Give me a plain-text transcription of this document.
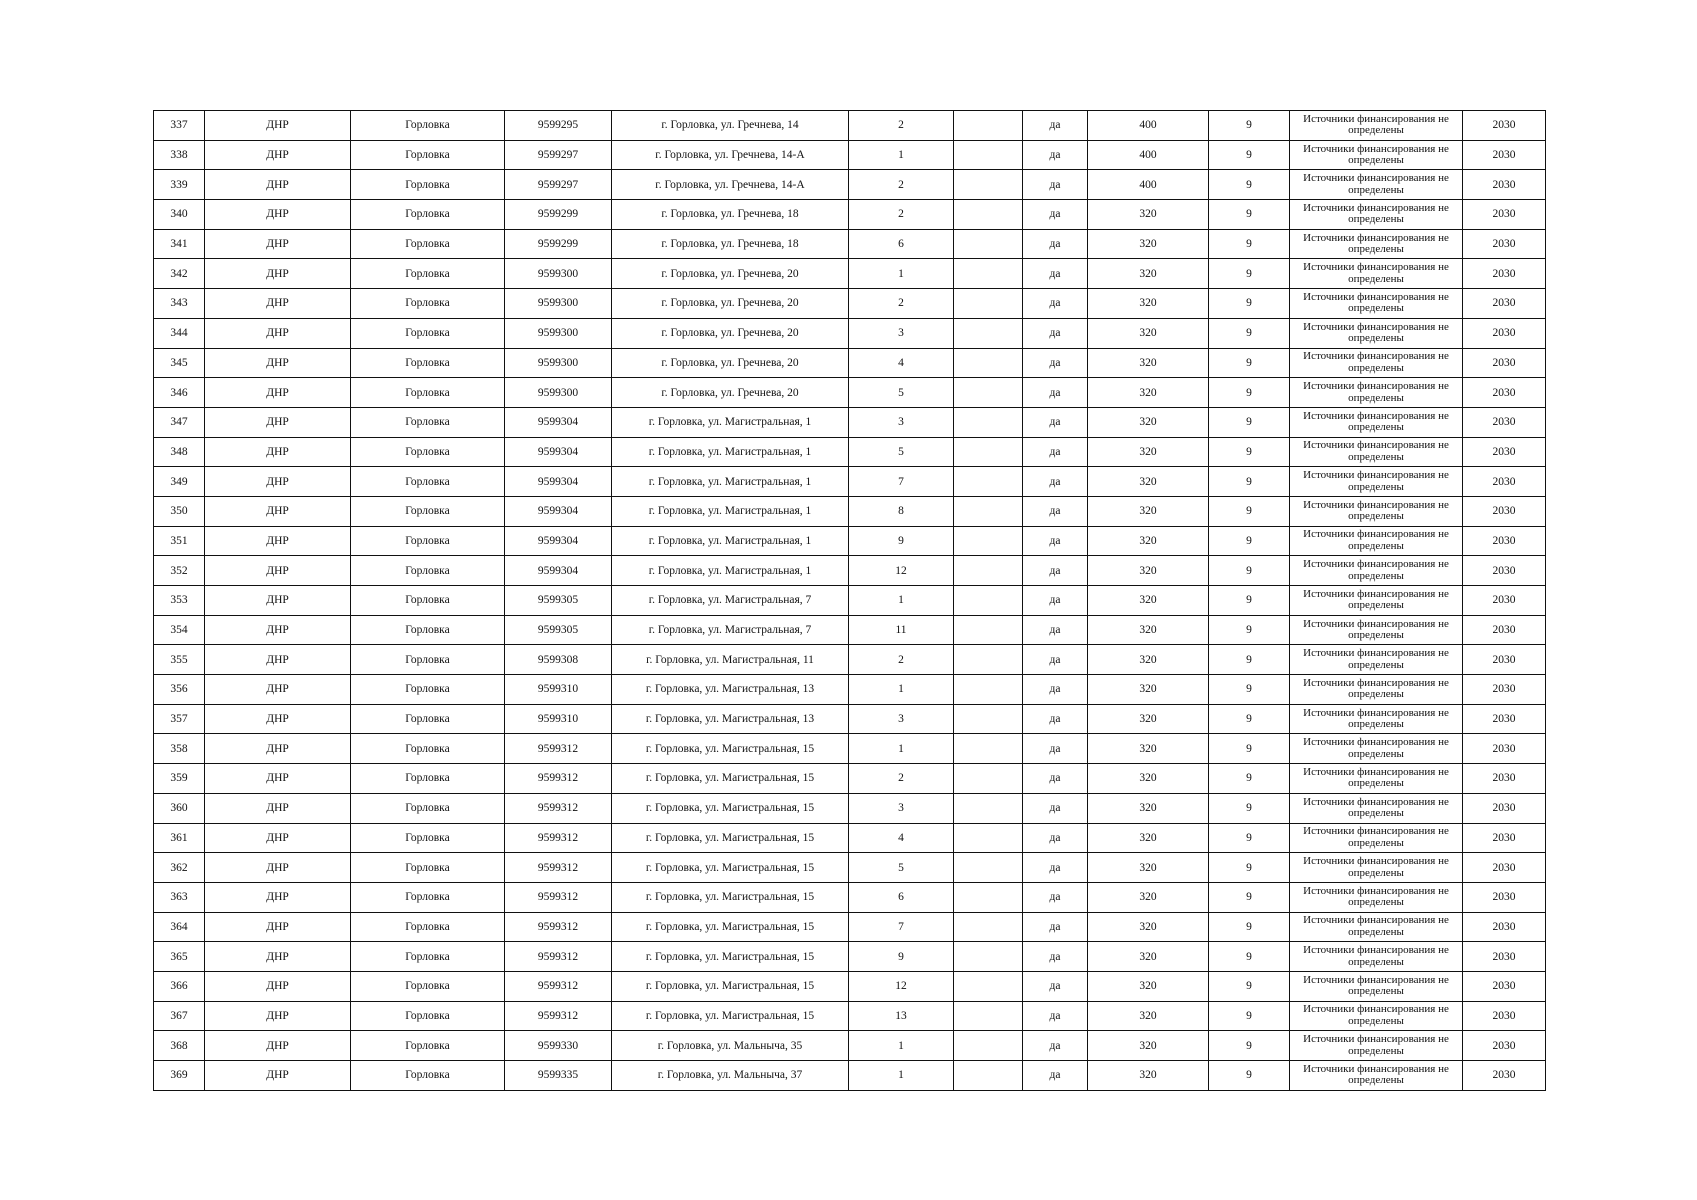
337	ДНР	Горловка	9599295	г. Горловка, ул. Гречнева, 14	2		да	400	9	Источники финансирования не определены	2030
338	ДНР	Горловка	9599297	г. Горловка, ул. Гречнева, 14-А	1		да	400	9	Источники финансирования не определены	2030
339	ДНР	Горловка	9599297	г. Горловка, ул. Гречнева, 14-А	2		да	400	9	Источники финансирования не определены	2030
340	ДНР	Горловка	9599299	г. Горловка, ул. Гречнева, 18	2		да	320	9	Источники финансирования не определены	2030
341	ДНР	Горловка	9599299	г. Горловка, ул. Гречнева, 18	6		да	320	9	Источники финансирования не определены	2030
342	ДНР	Горловка	9599300	г. Горловка, ул. Гречнева, 20	1		да	320	9	Источники финансирования не определены	2030
343	ДНР	Горловка	9599300	г. Горловка, ул. Гречнева, 20	2		да	320	9	Источники финансирования не определены	2030
344	ДНР	Горловка	9599300	г. Горловка, ул. Гречнева, 20	3		да	320	9	Источники финансирования не определены	2030
345	ДНР	Горловка	9599300	г. Горловка, ул. Гречнева, 20	4		да	320	9	Источники финансирования не определены	2030
346	ДНР	Горловка	9599300	г. Горловка, ул. Гречнева, 20	5		да	320	9	Источники финансирования не определены	2030
347	ДНР	Горловка	9599304	г. Горловка, ул. Магистральная, 1	3		да	320	9	Источники финансирования не определены	2030
348	ДНР	Горловка	9599304	г. Горловка, ул. Магистральная, 1	5		да	320	9	Источники финансирования не определены	2030
349	ДНР	Горловка	9599304	г. Горловка, ул. Магистральная, 1	7		да	320	9	Источники финансирования не определены	2030
350	ДНР	Горловка	9599304	г. Горловка, ул. Магистральная, 1	8		да	320	9	Источники финансирования не определены	2030
351	ДНР	Горловка	9599304	г. Горловка, ул. Магистральная, 1	9		да	320	9	Источники финансирования не определены	2030
352	ДНР	Горловка	9599304	г. Горловка, ул. Магистральная, 1	12		да	320	9	Источники финансирования не определены	2030
353	ДНР	Горловка	9599305	г. Горловка, ул. Магистральная, 7	1		да	320	9	Источники финансирования не определены	2030
354	ДНР	Горловка	9599305	г. Горловка, ул. Магистральная, 7	11		да	320	9	Источники финансирования не определены	2030
355	ДНР	Горловка	9599308	г. Горловка, ул. Магистральная, 11	2		да	320	9	Источники финансирования не определены	2030
356	ДНР	Горловка	9599310	г. Горловка, ул. Магистральная, 13	1		да	320	9	Источники финансирования не определены	2030
357	ДНР	Горловка	9599310	г. Горловка, ул. Магистральная, 13	3		да	320	9	Источники финансирования не определены	2030
358	ДНР	Горловка	9599312	г. Горловка, ул. Магистральная, 15	1		да	320	9	Источники финансирования не определены	2030
359	ДНР	Горловка	9599312	г. Горловка, ул. Магистральная, 15	2		да	320	9	Источники финансирования не определены	2030
360	ДНР	Горловка	9599312	г. Горловка, ул. Магистральная, 15	3		да	320	9	Источники финансирования не определены	2030
361	ДНР	Горловка	9599312	г. Горловка, ул. Магистральная, 15	4		да	320	9	Источники финансирования не определены	2030
362	ДНР	Горловка	9599312	г. Горловка, ул. Магистральная, 15	5		да	320	9	Источники финансирования не определены	2030
363	ДНР	Горловка	9599312	г. Горловка, ул. Магистральная, 15	6		да	320	9	Источники финансирования не определены	2030
364	ДНР	Горловка	9599312	г. Горловка, ул. Магистральная, 15	7		да	320	9	Источники финансирования не определены	2030
365	ДНР	Горловка	9599312	г. Горловка, ул. Магистральная, 15	9		да	320	9	Источники финансирования не определены	2030
366	ДНР	Горловка	9599312	г. Горловка, ул. Магистральная, 15	12		да	320	9	Источники финансирования не определены	2030
367	ДНР	Горловка	9599312	г. Горловка, ул. Магистральная, 15	13		да	320	9	Источники финансирования не определены	2030
368	ДНР	Горловка	9599330	г. Горловка, ул. Мальныча, 35	1		да	320	9	Источники финансирования не определены	2030
369	ДНР	Горловка	9599335	г. Горловка, ул. Мальныча, 37	1		да	320	9	Источники финансирования не определены	2030
